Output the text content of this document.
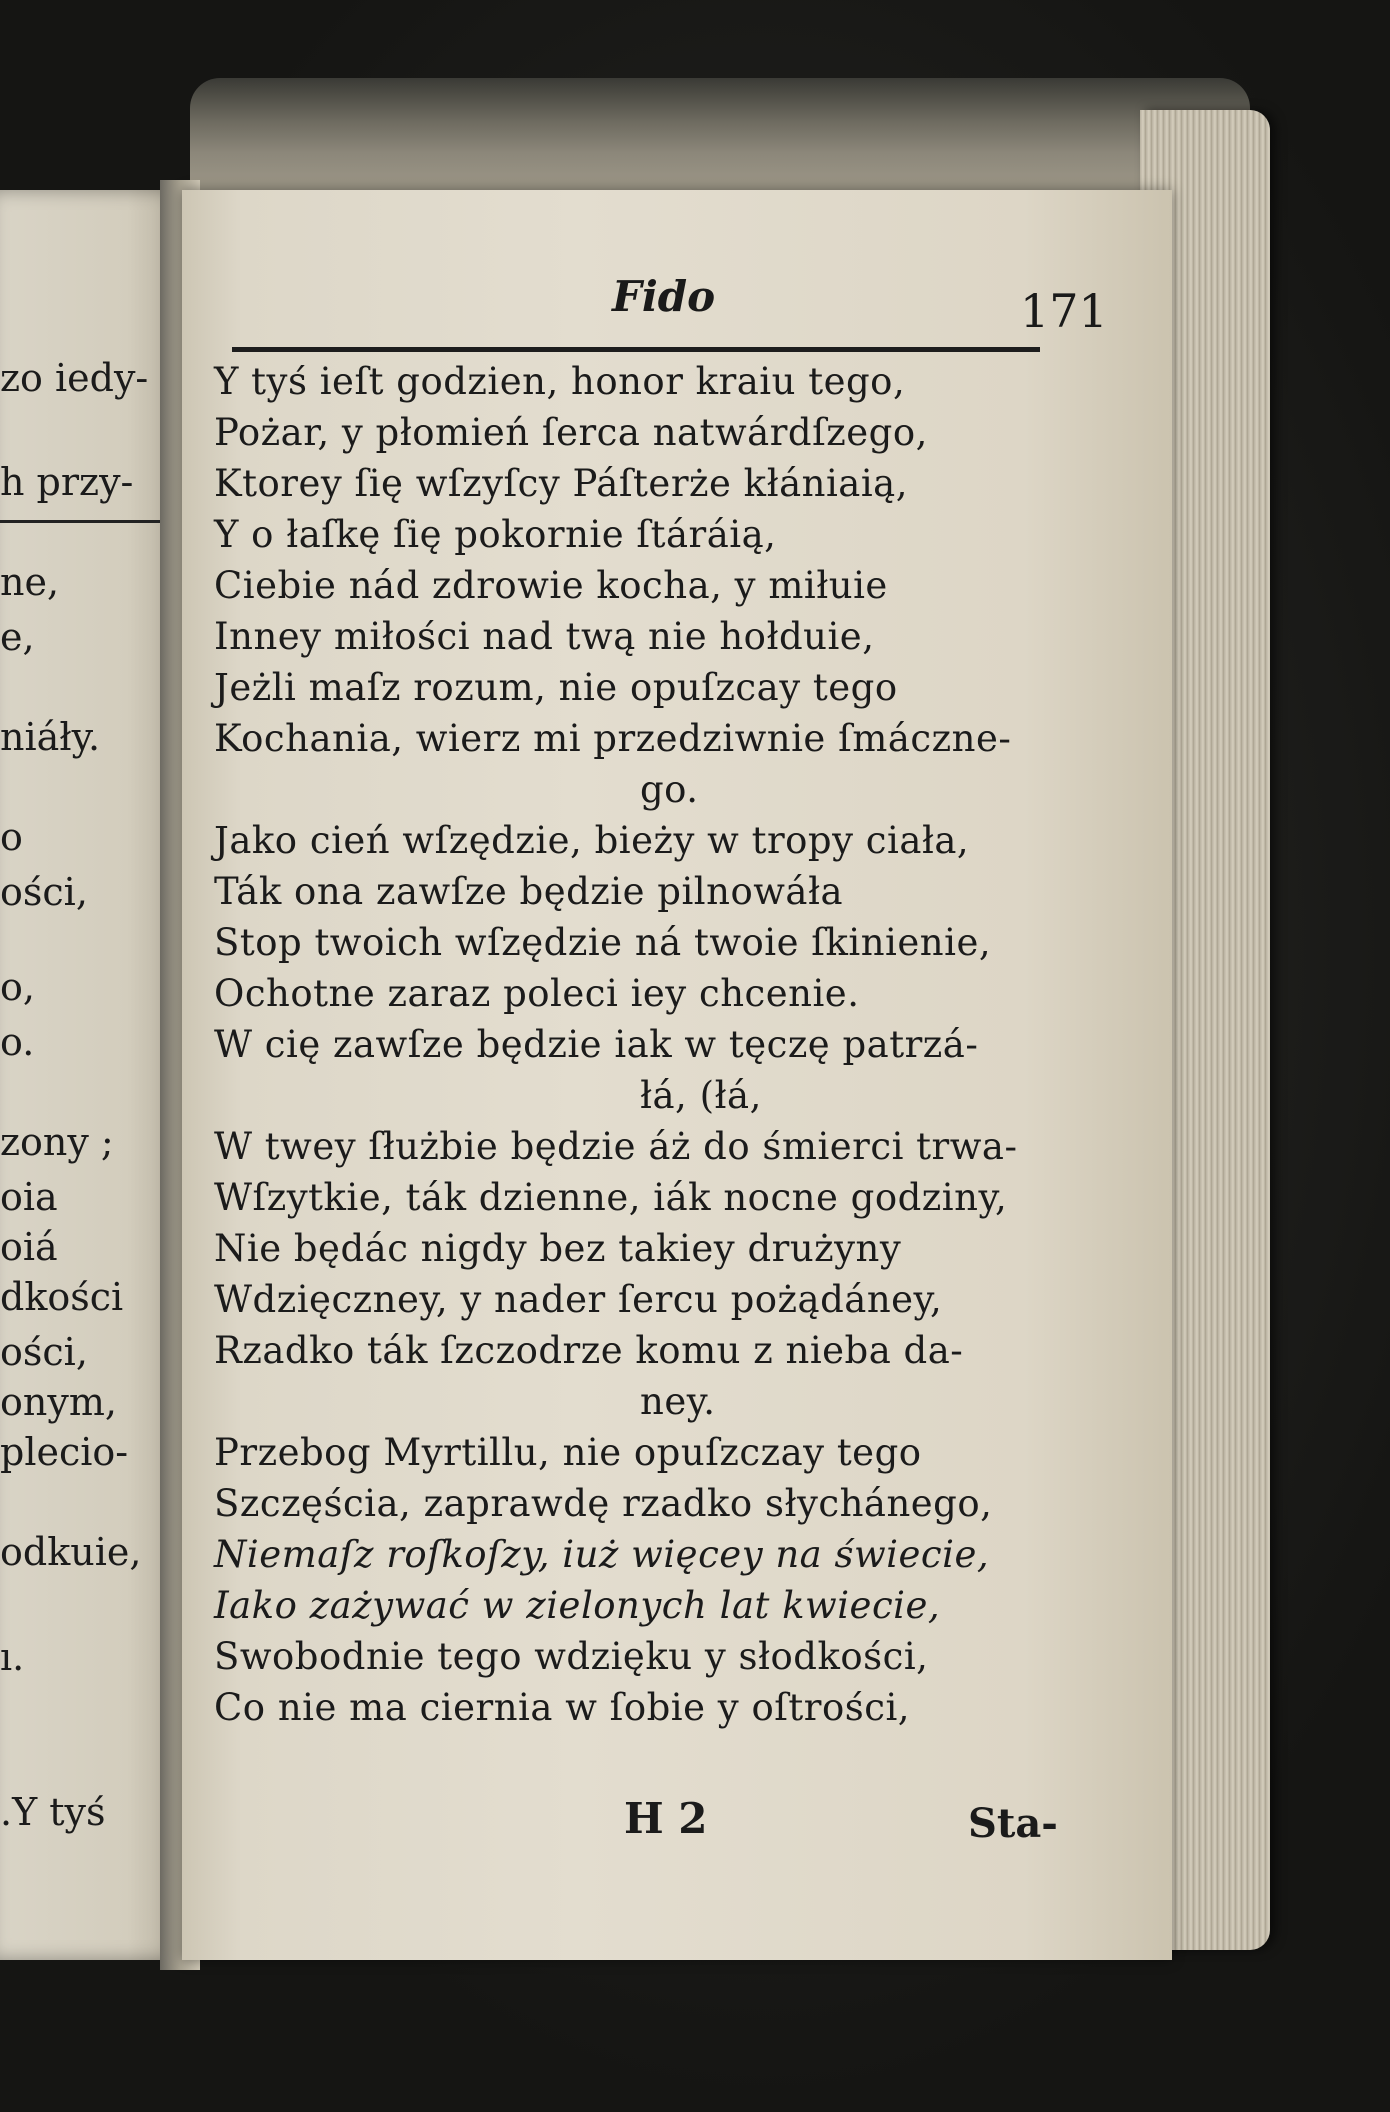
zo iedy-
h przy-
ne,
e,
niáły.
o
ości,
o,
o.
zony ;
oia
oiá
dkości
ości,
onym,
plecio-
odkuie,
ı.
.Y tyś
Fido	171
Y tyś ieſt godzien, honor kraiu tego,
Pożar, y płomień ſerca natwárdſzego,
Ktorey ſię wſzyſcy Páſterże kłániaią,
Y o łaſkę ſię pokornie ſtáráią,
Ciebie nád zdrowie kocha, y miłuie
Inney miłości nad twą nie hołduie,
Jeżli maſz rozum, nie opuſzcay tego
Kochania, wierz mi przedziwnie ſmáczne-
go.
Jako cień wſzędzie, bieży w tropy ciała,
Ták ona zawſze będzie pilnowáła
Stop twoich wſzędzie ná twoie ſkinienie,
Ochotne zaraz poleci iey chcenie.
W cię zawſze będzie iak w tęczę patrzá-
łá, (łá,
W twey ſłużbie będzie áż do śmierci trwa-
Wſzytkie, ták dzienne, iák nocne godziny,
Nie będác nigdy bez takiey drużyny
Wdzięczney, y nader ſercu pożądáney,
Rzadko ták ſzczodrze komu z nieba da-
ney.
Przebog Myrtillu, nie opuſzczay tego
Szczęścia, zaprawdę rzadko słychánego,
Niemaſz roſkoſzy, iuż więcey na świecie,
Iako zażywać w zielonych lat kwiecie,
Swobodnie tego wdzięku y słodkości,
Co nie ma ciernia w ſobie y oſtrości,
H 2	Sta-
